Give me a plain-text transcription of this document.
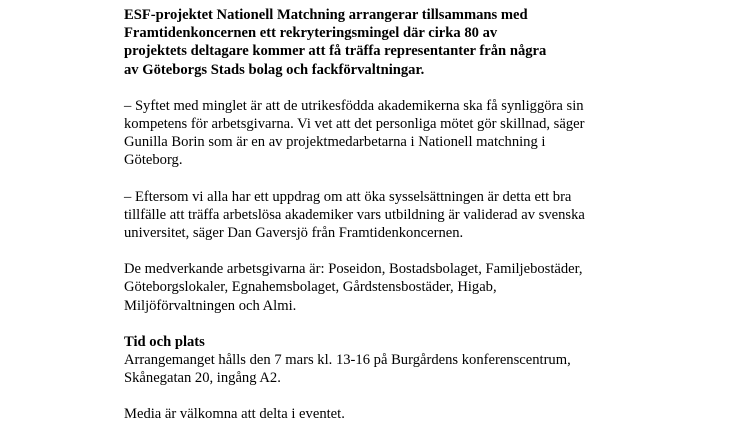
ESF-projektet Nationell Matchning arrangerar tillsammans med
Framtidenkoncernen ett rekryteringsmingel där cirka 80 av
projektets deltagare kommer att få träffa representanter från några
av Göteborgs Stads bolag och fackförvaltningar.

– Syftet med minglet är att de utrikesfödda akademikerna ska få synliggöra sin
kompetens för arbetsgivarna. Vi vet att det personliga mötet gör skillnad, säger
Gunilla Borin som är en av projektmedarbetarna i Nationell matchning i
Göteborg.

– Eftersom vi alla har ett uppdrag om att öka sysselsättningen är detta ett bra
tillfälle att träffa arbetslösa akademiker vars utbildning är validerad av svenska
universitet, säger Dan Gaversjö från Framtidenkoncernen.

De medverkande arbetsgivarna är: Poseidon, Bostadsbolaget, Familjebostäder,
Göteborgslokaler, Egnahemsbolaget, Gårdstensbostäder, Higab,
Miljöförvaltningen och Almi.

Tid och plats

Arrangemanget hålls den 7 mars kl. 13-16 på Burgårdens konferenscentrum,
Skånegatan 20, ingång A2.

Media är välkomna att delta i eventet.
